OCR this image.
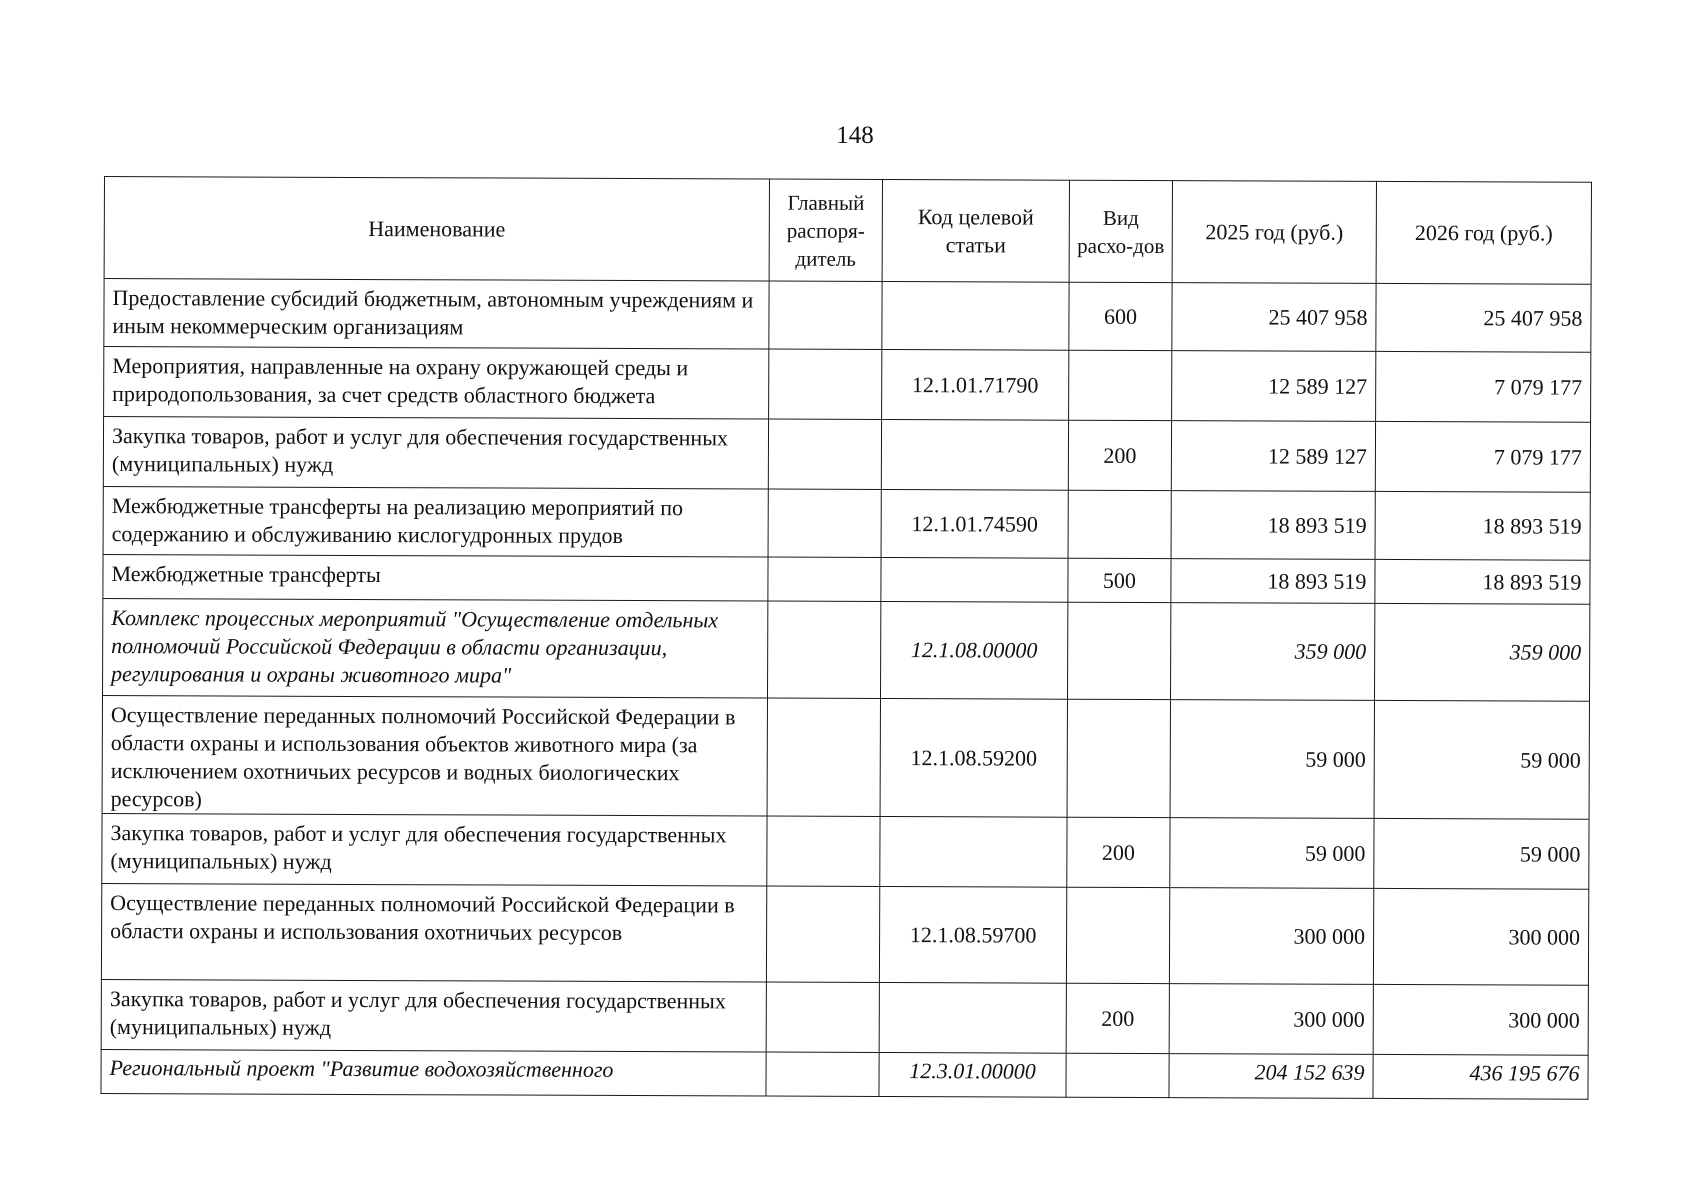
148
Наименование	Главный распоря-дитель	Код целевой статьи	Вид расхо-дов	2025 год (руб.)	2026 год (руб.)
Предоставление субсидий бюджетным, автономным учреждениям и иным некоммерческим организациям			600	25 407 958	25 407 958
Мероприятия, направленные на охрану окружающей среды и природопользования, за счет средств областного бюджета		12.1.01.71790		12 589 127	7 079 177
Закупка товаров, работ и услуг для обеспечения государственных (муниципальных) нужд			200	12 589 127	7 079 177
Межбюджетные трансферты на реализацию мероприятий по содержанию и обслуживанию кислогудронных прудов		12.1.01.74590		18 893 519	18 893 519
Межбюджетные трансферты			500	18 893 519	18 893 519
Комплекс процессных мероприятий "Осуществление отдельных полномочий Российской Федерации в области организации, регулирования и охраны животного мира"		12.1.08.00000		359 000	359 000
Осуществление переданных полномочий Российской Федерации в области охраны и использования объектов животного мира (за исключением охотничьих ресурсов и водных биологических ресурсов)		12.1.08.59200		59 000	59 000
Закупка товаров, работ и услуг для обеспечения государственных (муниципальных) нужд			200	59 000	59 000
Осуществление переданных полномочий Российской Федерации в области охраны и использования охотничьих ресурсов		12.1.08.59700		300 000	300 000
Закупка товаров, работ и услуг для обеспечения государственных (муниципальных) нужд			200	300 000	300 000
Региональный проект "Развитие водохозяйственного		12.3.01.00000		204 152 639	436 195 676
